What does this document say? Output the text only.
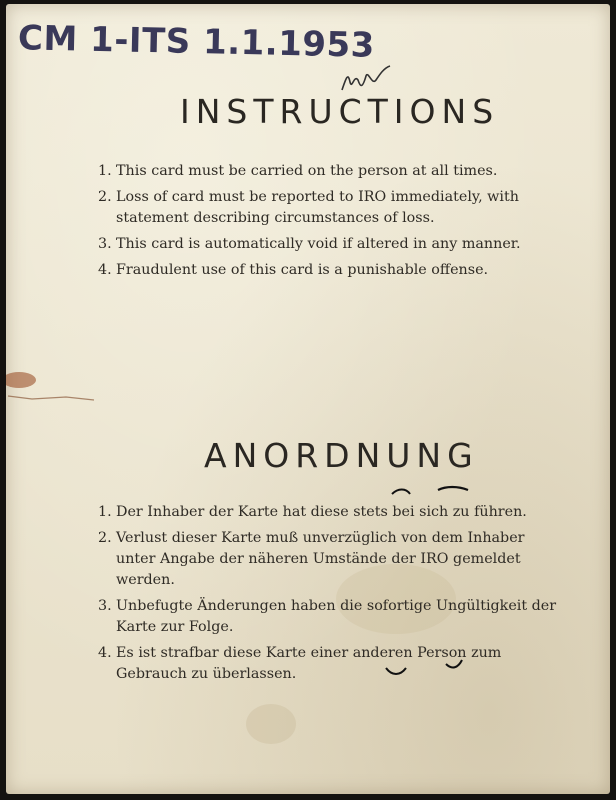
CM 1-ITS 1.1.1953
INSTRUCTIONS
1. This card must be carried on the person at all times.
2. Loss of card must be reported to IRO immediately, with statement describing circumstances of loss.
3. This card is automatically void if altered in any manner.
4. Fraudulent use of this card is a punishable offense.
ANORDNUNG
1. Der Inhaber der Karte hat diese stets bei sich zu führen.
2. Verlust dieser Karte muß unverzüglich von dem Inhaber unter Angabe der näheren Umstände der IRO gemeldet werden.
3. Unbefugte Änderungen haben die sofortige Ungültigkeit der Karte zur Folge.
4. Es ist strafbar diese Karte einer anderen Person zum Gebrauch zu überlassen.
